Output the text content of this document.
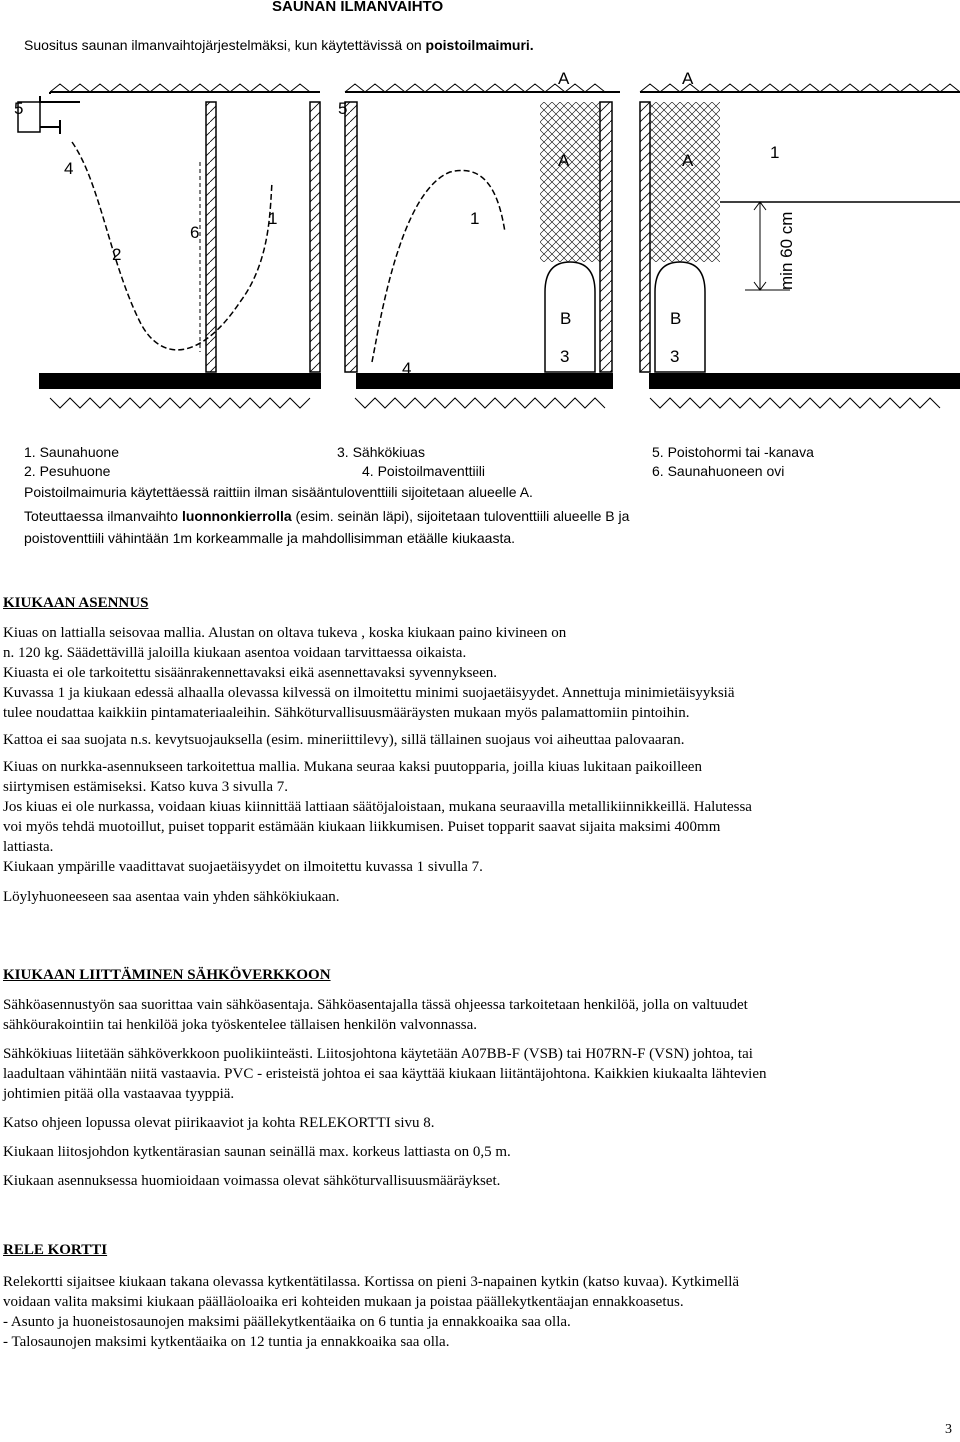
SAUNAN ILMANVAIHTO
Suositus saunan ilmanvaihtojärjestelmäksi, kun käytettävissä on poistoilmaimuri.
5
4
2
6
1
5
1
4
A
A
B
3
A
A
B
3
1
min 60 cm
1. Saunahuone
2. Pesuhuone
3. Sähkökiuas
4. Poistoilmaventtiili
5. Poistohormi tai -kanava
6. Saunahuoneen ovi
Poistoilmaimuria käytettäessä raittiin ilman sisääntuloventtiili sijoitetaan alueelle A.
Toteuttaessa ilmanvaihto luonnonkierrolla (esim. seinän läpi), sijoitetaan tuloventtiili alueelle B ja
poistoventtiili vähintään 1m korkeammalle ja mahdollisimman etäälle kiukaasta.

KIUKAAN ASENNUS

Kiuas on lattialla seisovaa mallia. Alustan on oltava tukeva , koska kiukaan paino kivineen on

n. 120 kg. Säädettävillä jaloilla kiukaan asentoa voidaan tarvittaessa oikaista.

Kiuasta ei ole tarkoitettu sisäänrakennettavaksi eikä asennettavaksi syvennykseen.

Kuvassa 1 ja kiukaan edessä alhaalla olevassa kilvessä on ilmoitettu minimi suojaetäisyydet. Annettuja minimietäisyyksiä

tulee noudattaa kaikkiin pintamateriaaleihin. Sähköturvallisuusmääräysten mukaan myös palamattomiin pintoihin.

Kattoa ei saa suojata n.s. kevytsuojauksella (esim. mineriittilevy), sillä tällainen suojaus voi aiheuttaa palovaaran.

Kiuas on nurkka-asennukseen tarkoitettua mallia. Mukana seuraa kaksi puutopparia, joilla kiuas lukitaan paikoilleen

siirtymisen estämiseksi. Katso kuva 3 sivulla 7.

Jos kiuas ei ole nurkassa, voidaan kiuas kiinnittää lattiaan säätöjaloistaan, mukana seuraavilla metallikiinnikkeillä. Halutessa

voi myös tehdä muotoillut, puiset topparit estämään kiukaan liikkumisen. Puiset topparit saavat sijaita maksimi 400mm

lattiasta.

Kiukaan ympärille vaadittavat suojaetäisyydet on ilmoitettu kuvassa 1 sivulla 7.

Löylyhuoneeseen saa asentaa vain yhden sähkökiukaan.

KIUKAAN LIITTÄMINEN SÄHKÖVERKKOON

Sähköasennustyön saa suorittaa vain sähköasentaja. Sähköasentajalla tässä ohjeessa tarkoitetaan henkilöä, jolla on valtuudet

sähköurakointiin tai henkilöä joka työskentelee tällaisen henkilön valvonnassa.

Sähkökiuas liitetään sähköverkkoon puolikiinteästi. Liitosjohtona käytetään A07BB-F (VSB) tai H07RN-F (VSN) johtoa, tai

laadultaan vähintään niitä vastaavia. PVC - eristeistä johtoa ei saa käyttää kiukaan liitäntäjohtona. Kaikkien kiukaalta lähtevien

johtimien pitää olla vastaavaa tyyppiä.

Katso ohjeen lopussa olevat piirikaaviot ja kohta RELEKORTTI sivu 8.

Kiukaan liitosjohdon kytkentärasian saunan seinällä max. korkeus lattiasta on 0,5 m.

Kiukaan asennuksessa huomioidaan voimassa olevat sähköturvallisuusmääräykset.

RELE KORTTI

Relekortti sijaitsee kiukaan takana olevassa kytkentätilassa. Kortissa on pieni 3-napainen kytkin (katso kuvaa). Kytkimellä

voidaan valita maksimi kiukaan päälläoloaika eri kohteiden mukaan ja poistaa päällekytkentäajan ennakkoasetus.

- Asunto ja huoneistosaunojen maksimi päällekytkentäaika on 6 tuntia ja ennakkoaika saa olla.

- Talosaunojen maksimi kytkentäaika on 12 tuntia ja ennakkoaika saa olla.

3
